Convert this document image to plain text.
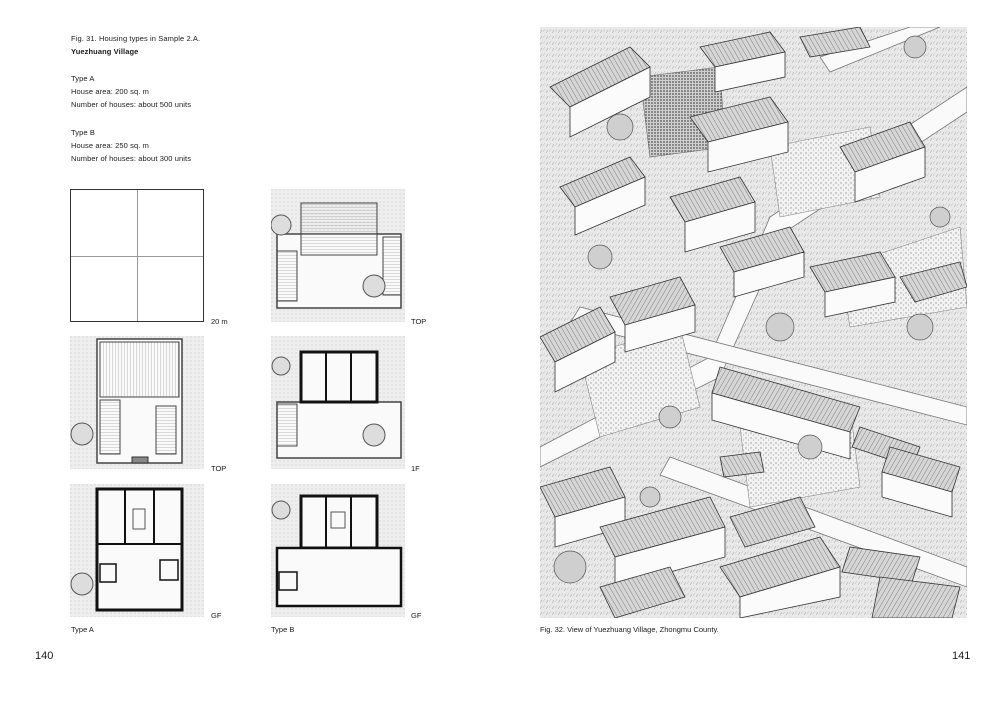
Fig. 31. Housing types in Sample 2.A.
Yuezhuang Village
Type A
House area: 200 sq. m
Number of houses: about 500 units
Type B
House area: 250 sq. m
Number of houses: about 300 units
20 m	TOP
TOP	1F
GF
Type A
GF
Type B
140
Fig. 32. View of Yuezhuang Village, Zhongmu County.
141
